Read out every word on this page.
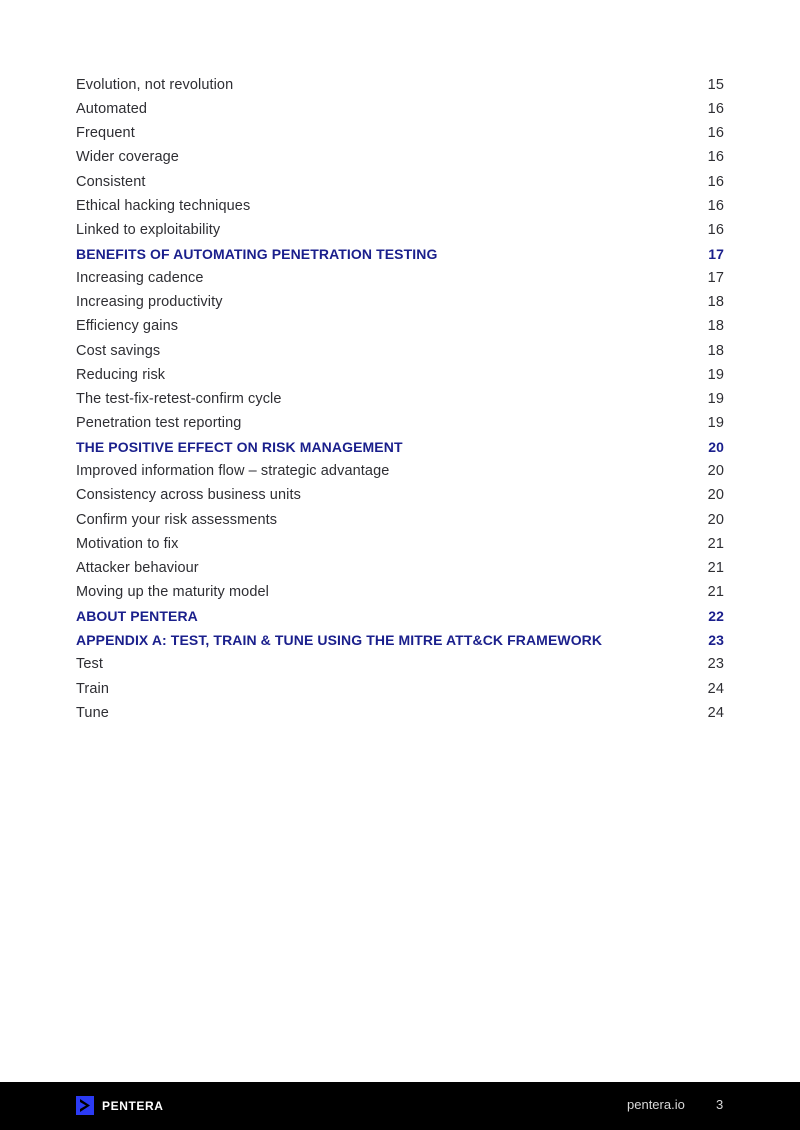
Evolution, not revolution	15
Automated	16
Frequent	16
Wider coverage	16
Consistent	16
Ethical hacking techniques	16
Linked to exploitability	16
BENEFITS OF AUTOMATING PENETRATION TESTING	17
Increasing cadence	17
Increasing productivity	18
Efficiency gains	18
Cost savings	18
Reducing risk	19
The test-fix-retest-confirm cycle	19
Penetration test reporting	19
THE POSITIVE EFFECT ON RISK MANAGEMENT	20
Improved information flow – strategic advantage	20
Consistency across business units	20
Confirm your risk assessments	20
Motivation to fix	21
Attacker behaviour	21
Moving up the maturity model	21
ABOUT PENTERA	22
APPENDIX A: TEST, TRAIN & TUNE USING THE MITRE ATT&CK FRAMEWORK	23
Test	23
Train	24
Tune	24
PENTERA	pentera.io 3
